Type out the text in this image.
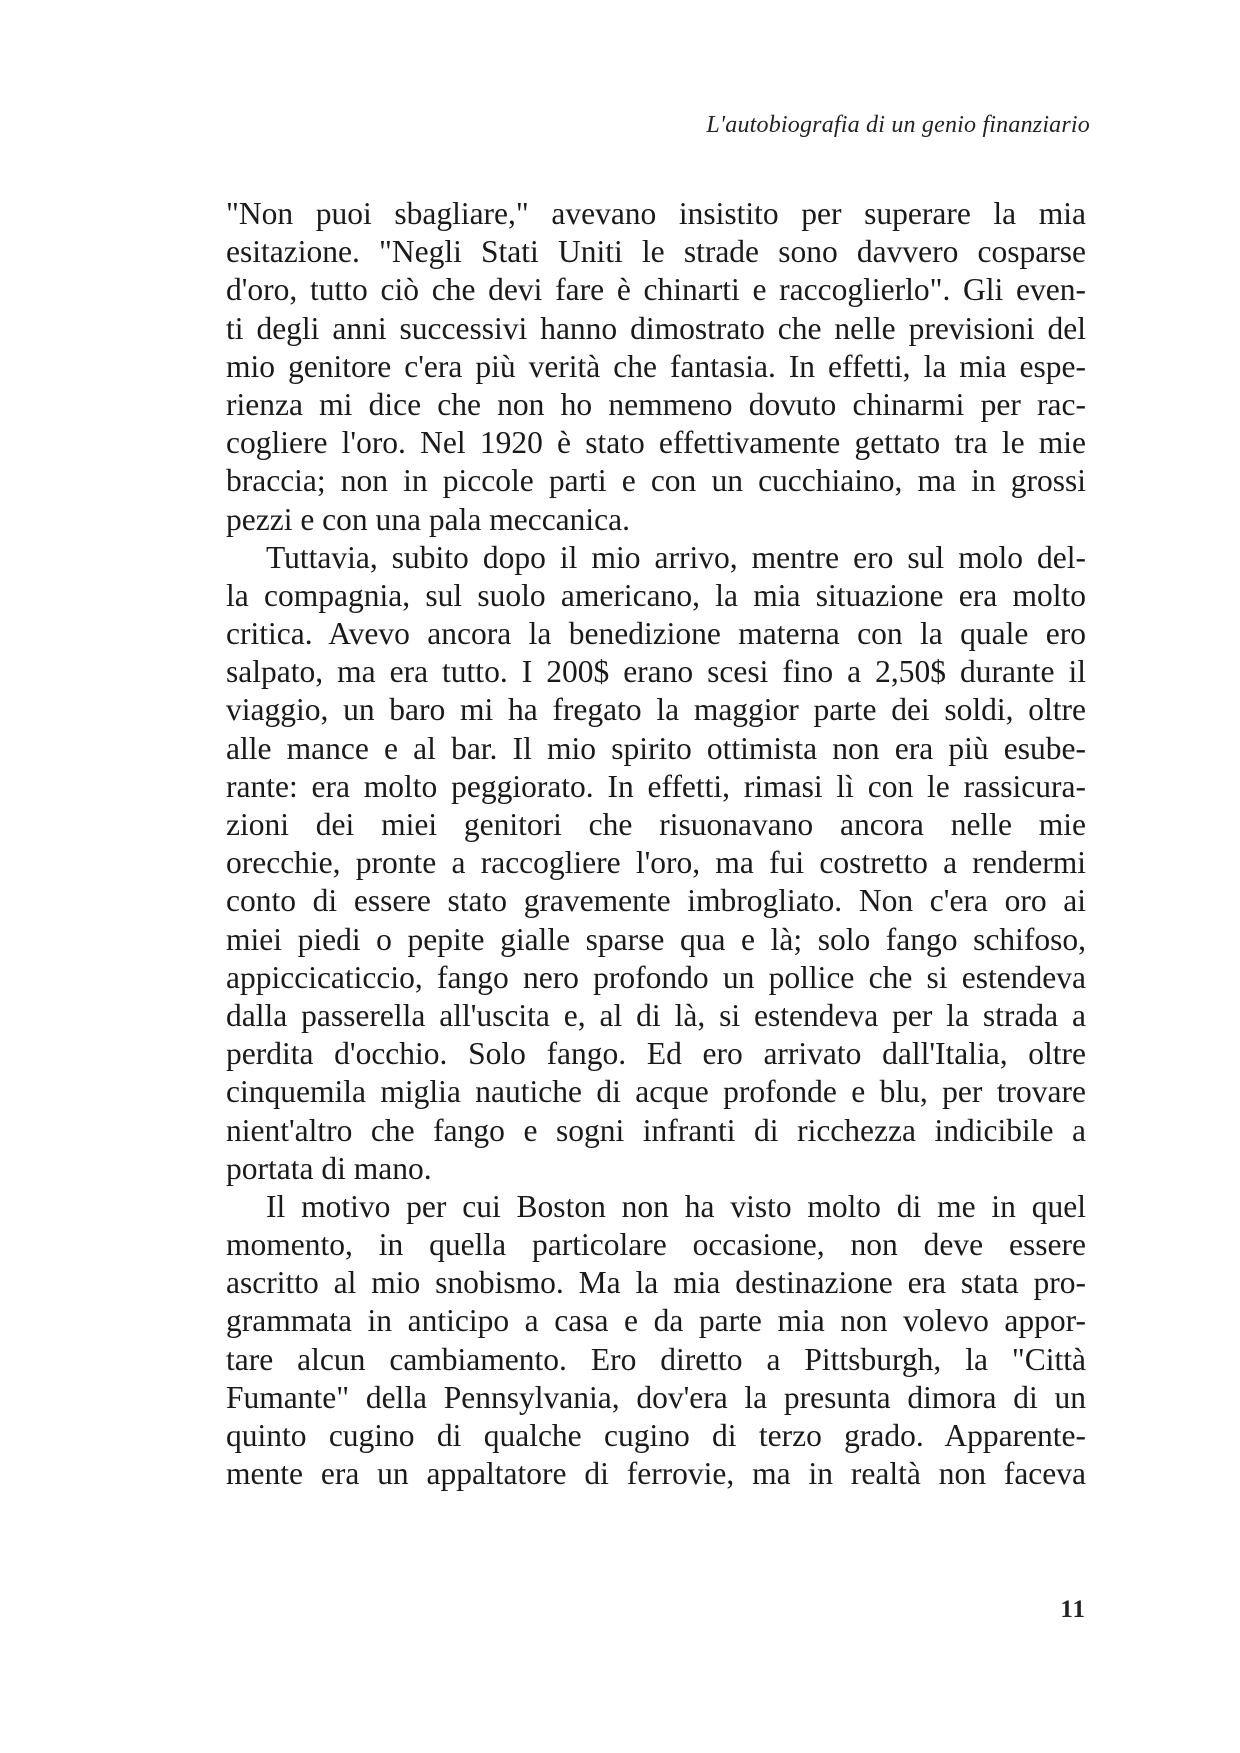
L'autobiografia di un genio finanziario
"Non puoi sbagliare," avevano insistito per superare la mia
esitazione. "Negli Stati Uniti le strade sono davvero cosparse
d'oro, tutto ciò che devi fare è chinarti e raccoglierlo". Gli even-
ti degli anni successivi hanno dimostrato che nelle previsioni del
mio genitore c'era più verità che fantasia. In effetti, la mia espe-
rienza mi dice che non ho nemmeno dovuto chinarmi per rac-
cogliere l'oro. Nel 1920 è stato effettivamente gettato tra le mie
braccia; non in piccole parti e con un cucchiaino, ma in grossi
pezzi e con una pala meccanica.
Tuttavia, subito dopo il mio arrivo, mentre ero sul molo del-
la compagnia, sul suolo americano, la mia situazione era molto
critica. Avevo ancora la benedizione materna con la quale ero
salpato, ma era tutto. I 200$ erano scesi fino a 2,50$ durante il
viaggio, un baro mi ha fregato la maggior parte dei soldi, oltre
alle mance e al bar. Il mio spirito ottimista non era più esube-
rante: era molto peggiorato. In effetti, rimasi lì con le rassicura-
zioni dei miei genitori che risuonavano ancora nelle mie
orecchie, pronte a raccogliere l'oro, ma fui costretto a rendermi
conto di essere stato gravemente imbrogliato. Non c'era oro ai
miei piedi o pepite gialle sparse qua e là; solo fango schifoso,
appiccicaticcio, fango nero profondo un pollice che si estendeva
dalla passerella all'uscita e, al di là, si estendeva per la strada a
perdita d'occhio. Solo fango. Ed ero arrivato dall'Italia, oltre
cinquemila miglia nautiche di acque profonde e blu, per trovare
nient'altro che fango e sogni infranti di ricchezza indicibile a
portata di mano.
Il motivo per cui Boston non ha visto molto di me in quel
momento, in quella particolare occasione, non deve essere
ascritto al mio snobismo. Ma la mia destinazione era stata pro-
grammata in anticipo a casa e da parte mia non volevo appor-
tare alcun cambiamento. Ero diretto a Pittsburgh, la "Città
Fumante" della Pennsylvania, dov'era la presunta dimora di un
quinto cugino di qualche cugino di terzo grado. Apparente-
mente era un appaltatore di ferrovie, ma in realtà non faceva
11
